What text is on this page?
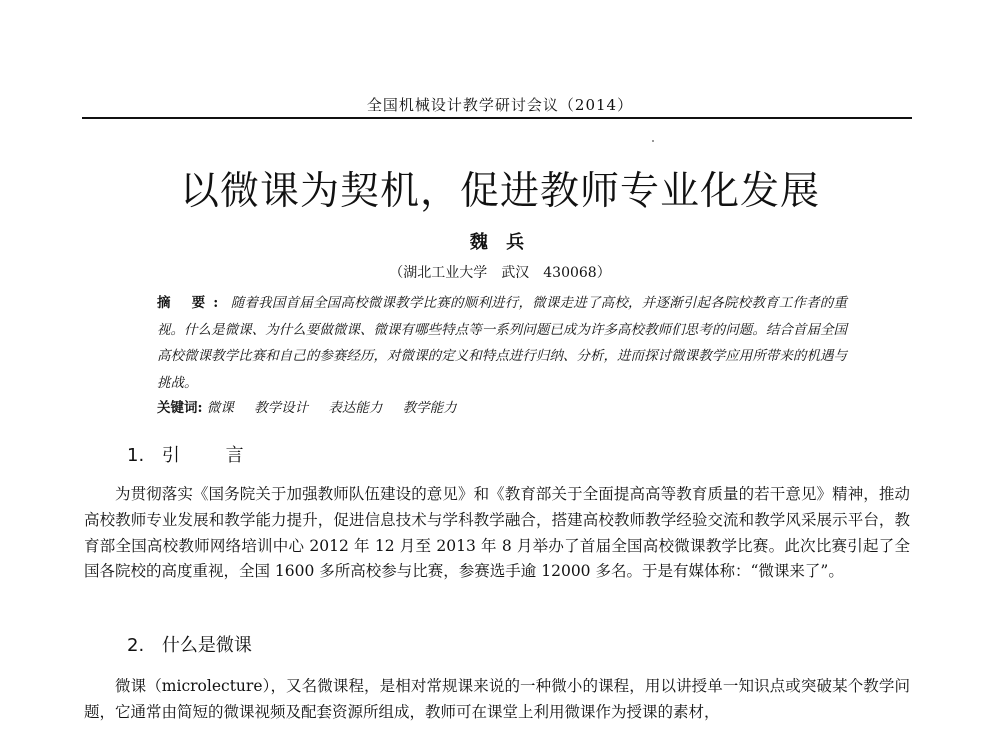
全国机械设计教学研讨会议（2014）
以微课为契机，促进教师专业化发展
魏 兵
（湖北工业大学　武汉　430068）
摘 要: 随着我国首届全国高校微课教学比赛的顺利进行，微课走进了高校，并逐渐引起各院校教育工作者的重视。什么是微课、为什么要做微课、微课有哪些特点等一系列问题已成为许多高校教师们思考的问题。结合首届全国高校微课教学比赛和自己的参赛经历，对微课的定义和特点进行归纳、分析，进而探讨微课教学应用所带来的机遇与挑战。
关键词: 微课 教学设计 表达能力 教学能力
1. 引 言
为贯彻落实《国务院关于加强教师队伍建设的意见》和《教育部关于全面提高高等教育质量的若干意见》精神，推动高校教师专业发展和教学能力提升，促进信息技术与学科教学融合，搭建高校教师教学经验交流和教学风采展示平台，教育部全国高校教师网络培训中心 2012 年 12 月至 2013 年 8 月举办了首届全国高校微课教学比赛。此次比赛引起了全国各院校的高度重视，全国 1600 多所高校参与比赛，参赛选手逾 12000 多名。于是有媒体称：“微课来了”。
2. 什么是微课
微课（microlecture），又名微课程，是相对常规课来说的一种微小的课程，用以讲授单一知识点或突破某个教学问题，它通常由简短的微课视频及配套资源所组成，教师可在课堂上利用微课作为授课的素材，
